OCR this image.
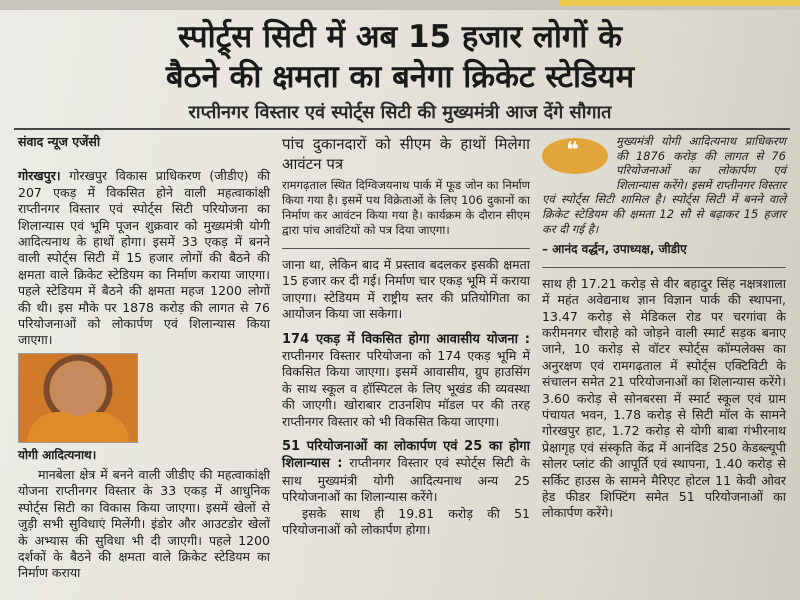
स्पोर्ट्र्स सिटी में अब 15 हजार लोगों के
बैठने की क्षमता का बनेगा क्रिकेट स्टेडियम
राप्तीनगर विस्तार एवं स्पोर्ट्स सिटी की मुख्यमंत्री आज देंगे सौगात

संवाद न्यूज एजेंसी

गोरखपुर। गोरखपुर विकास प्राधिकरण (जीडीए) की 207 एकड़ में विकसित होने वाली महत्वाकांक्षी राप्तीनगर विस्तार एवं स्पोर्ट्स सिटी परियोजना का शिलान्यास एवं भूमि पूजन शुक्रवार को मुख्यमंत्री योगी आदित्यनाथ के हाथों होगा। इसमें 33 एकड़ में बनने वाली स्पोर्ट्स सिटी में 15 हजार लोगों की बैठने की क्षमता वाले क्रिकेट स्टेडियम का निर्माण कराया जाएगा। पहले स्टेडियम में बैठने की क्षमता महज 1200 लोगों की थी। इस मौके पर 1878 करोड़ की लागत से 76 परियोजनाओं को लोकार्पण एवं शिलान्यास किया जाएगा।

योगी आदित्यनाथ।

मानबेला क्षेत्र में बनने वाली जीडीए की महत्वाकांक्षी योजना राप्तीनगर विस्तार के 33 एकड़ में आधुनिक स्पोर्ट्स सिटी का विकास किया जाएगा। इसमें खेलों से जुड़ी सभी सुविधाएं मिलेंगी। इंडोर और आउटडोर खेलों के अभ्यास की सुविधा भी दी जाएगी। पहले 1200 दर्शकों के बैठने की क्षमता वाले क्रिकेट स्टेडियम का निर्माण कराया

पांच दुकानदारों को सीएम के हाथों मिलेगा आवंटन पत्र

रामगढ़ताल स्थित दिग्विजयनाथ पार्क में फूड जोन का निर्माण किया गया है। इसमें पथ विक्रेताओं के लिए 106 दुकानों का निर्माण कर आवंटन किया गया है। कार्यक्रम के दौरान सीएम द्वारा पांच आवंटियों को पत्र दिया जाएगा।

जाना था, लेकिन बाद में प्रस्ताव बदलकर इसकी क्षमता 15 हजार कर दी गई। निर्माण चार एकड़ भूमि में कराया जाएगा। स्टेडियम में राष्ट्रीय स्तर की प्रतियोगिता का आयोजन किया जा सकेगा।

174 एकड़ में विकसित होगा आवासीय योजना : राप्तीनगर विस्तार परियोजना को 174 एकड़ भूमि में विकसित किया जाएगा। इसमें आवासीय, ग्रुप हाउसिंग के साथ स्कूल व हॉस्पिटल के लिए भूखंड की व्यवस्था की जाएगी। खोराबार टाउनशिप मॉडल पर की तरह राप्तीनगर विस्तार को भी विकसित किया जाएगा।

51 परियोजनाओं का लोकार्पण एवं 25 का होगा शिलान्यास : राप्तीनगर विस्तार एवं स्पोर्ट्स सिटी के साथ मुख्यमंत्री योगी आदित्यनाथ अन्य 25 परियोजनाओं का शिलान्यास करेंगे।

इसके साथ ही 19.81 करोड़ की 51 परियोजनाओं को लोकार्पण होगा।

❝	मुख्यमंत्री योगी आदित्यनाथ प्राधिकरण की 1876 करोड़ की लागत से 76 परियोजनाओं का लोकार्पण एवं शिलान्यास करेंगे। इसमें राप्तीनगर विस्तार एवं स्पोर्ट्स सिटी शामिल है। स्पोर्ट्स सिटी में बनने वाले क्रिकेट स्टेडियम की क्षमता 12 सौ से बढ़ाकर 15 हजार कर दी गई है।

– आनंद वर्द्धन, उपाध्यक्ष, जीडीए

साथ ही 17.21 करोड़ से वीर बहादुर सिंह नक्षत्रशाला में महंत अवेद्यनाथ ज्ञान विज्ञान पार्क की स्थापना, 13.47 करोड़ से मेडिकल रोड पर चरगांवा के करीमनगर चौराहे को जोड़ने वाली स्मार्ट सड़क बनाए जाने, 10 करोड़ से वॉटर स्पोर्ट्स कॉम्पलेक्स का अनुरक्षण एवं रामगढ़ताल में स्पोर्ट्स एक्टिविटी के संचालन समेत 21 परियोजनाओं का शिलान्यास करेंगे। 3.60 करोड़ से सोनबरसा में स्मार्ट स्कूल एवं ग्राम पंचायत भवन, 1.78 करोड़ से सिटी मॉल के सामने गोरखपुर हाट, 1.72 करोड़ से योगी बाबा गंभीरनाथ प्रेक्षागृह एवं संस्कृति केंद्र में आनंदिड 250 केडब्ल्यूपी सोलर प्लांट की आपूर्ति एवं स्थापना, 1.40 करोड़ से सर्किट हाउस के सामने मैरिएट होटल 11 केवी ओवर हेड फीडर शिफ्टिंग समेत 51 परियोजनाओं का लोकार्पण करेंगे।
